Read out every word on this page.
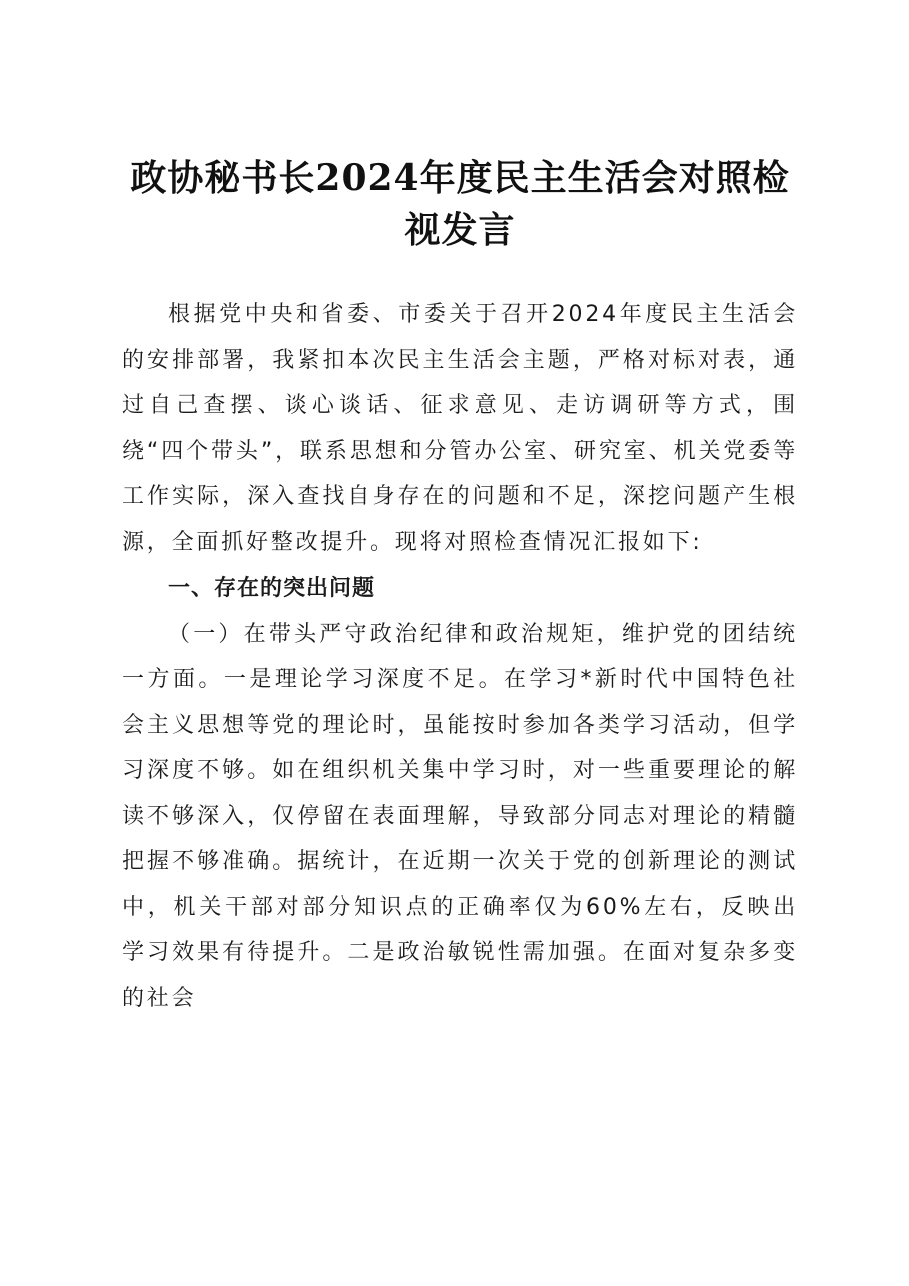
政协秘书长2024年度民主生活会对照检视发言

根据党中央和省委、市委关于召开2024年度民主生活会的安排部署，我紧扣本次民主生活会主题，严格对标对表，通过自己查摆、谈心谈话、征求意见、走访调研等方式，围绕“四个带头”，联系思想和分管办公室、研究室、机关党委等工作实际，深入查找自身存在的问题和不足，深挖问题产生根源，全面抓好整改提升。现将对照检查情况汇报如下:

一、存在的突出问题

（一）在带头严守政治纪律和政治规矩，维护党的团结统一方面。一是理论学习深度不足。在学习*新时代中国特色社会主义思想等党的理论时，虽能按时参加各类学习活动，但学习深度不够。如在组织机关集中学习时，对一些重要理论的解读不够深入，仅停留在表面理解，导致部分同志对理论的精髓把握不够准确。据统计，在近期一次关于党的创新理论的测试中，机关干部对部分知识点的正确率仅为60%左右，反映出学习效果有待提升。二是政治敏锐性需加强。在面对复杂多变的社会
